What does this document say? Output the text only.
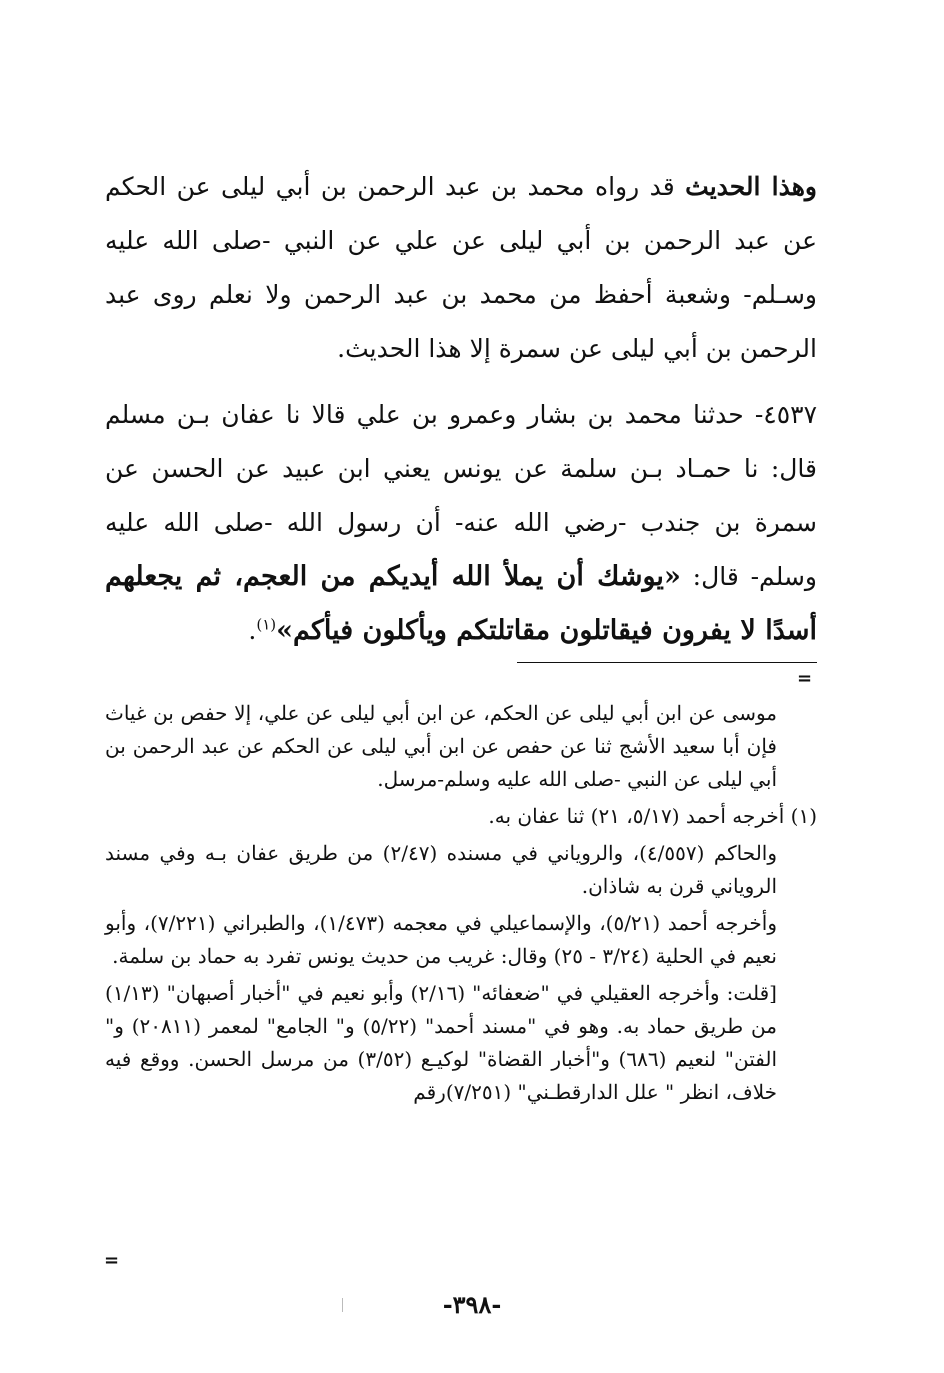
وهذا الحديث قد رواه محمد بن عبد الرحمن بن أبي ليلى عن الحكم عن عبد الرحمن بن أبي ليلى عن علي عن النبي -صلى الله عليه وسـلم- وشعبة أحفظ من محمد بن عبد الرحمن ولا نعلم روى عبد الرحمن بن أبي ليلى عن سمرة إلا هذا الحديث.

٤٥٣٧- حدثنا محمد بن بشار وعمرو بن علي قالا نا عفان بـن مسلم قال: نا حمـاد بـن سلمة عن يونس يعني ابن عبيد عن الحسن عن سمرة بن جندب -رضي الله عنه- أن رسول الله -صلى الله عليه وسلم- قال: «يوشك أن يملأ الله أيديكم من العجم، ثم يجعلهم أسدًا لا يفرون فيقاتلون مقاتلتكم ويأكلون فيأكم»$^{(١)}$.

=

موسى عن ابن أبي ليلى عن الحكم، عن ابن أبي ليلى عن علي، إلا حفص بن غياث فإن أبا سعيد الأشج ثنا عن حفص عن ابن أبي ليلى عن الحكم عن عبد الرحمن بن أبي ليلى عن النبي -صلى الله عليه وسلم-مرسل.

(١) أخرجه أحمد (٥/١٧، ٢١) ثنا عفان به.

والحاكم (٤/٥٥٧)، والروياني في مسنده (٢/٤٧) من طريق عفان بـه وفي مسند الروياني قرن به شاذان.

وأخرجه أحمد (٥/٢١)، والإسماعيلي في معجمه (١/٤٧٣)، والطبراني (٧/٢٢١)، وأبو نعيم في الحلية (٣/٢٤ - ٢٥) وقال: غريب من حديث يونس تفرد به حماد بن سلمة.

[قلت: وأخرجه العقيلي في "ضعفائه" (٢/١٦) وأبو نعيم في "أخبار أصبهان" (١/١٣) من طريق حماد به. وهو في "مسند أحمد" (٥/٢٢) و" الجامع" لمعمر (٢٠٨١١) و" الفتن" لنعيم (٦٨٦) و"أخبار القضاة" لوكيـع (٣/٥٢) من مرسل الحسن. ووقع فيه خلاف، انظر " علل الدارقطـني" (٧/٢٥١)رقم

=
-٣٩٨-
